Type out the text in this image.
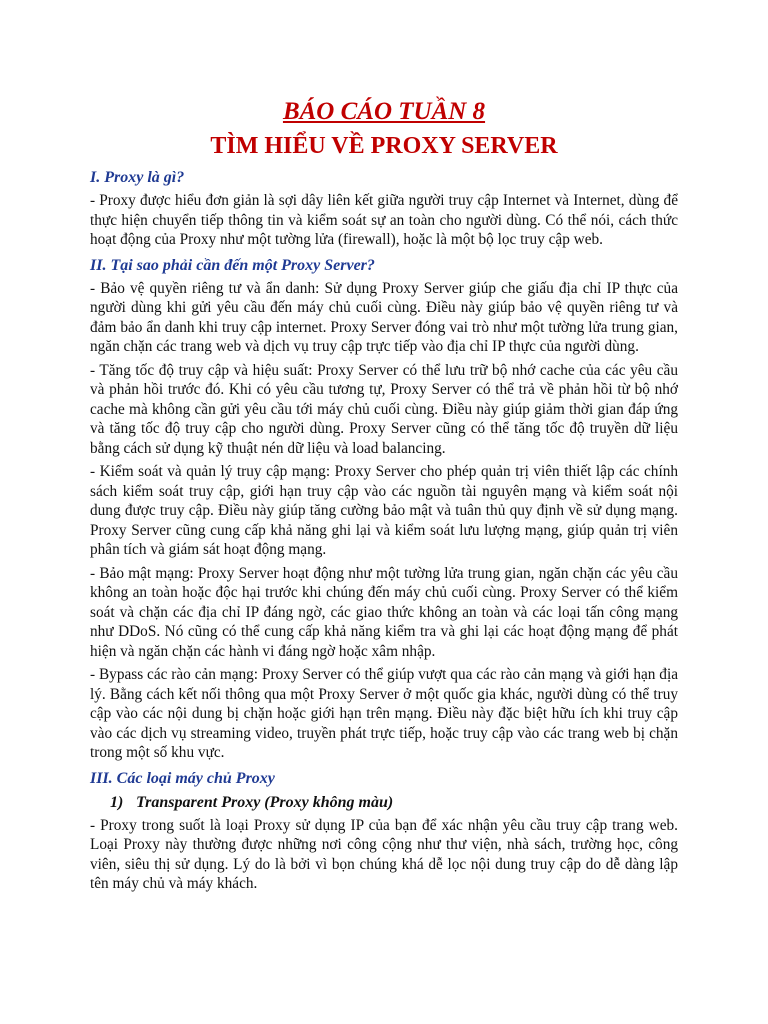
BÁO CÁO TUẦN 8
TÌM HIỂU VỀ PROXY SERVER
I. Proxy là gì?

- Proxy được hiểu đơn giản là sợi dây liên kết giữa người truy cập Internet và Internet, dùng để thực hiện chuyển tiếp thông tin và kiểm soát sự an toàn cho người dùng. Có thể nói, cách thức hoạt động của Proxy như một tường lửa (firewall), hoặc là một bộ lọc truy cập web.

II. Tại sao phải cần đến một Proxy Server?

- Bảo vệ quyền riêng tư và ẩn danh: Sử dụng Proxy Server giúp che giấu địa chỉ IP thực của người dùng khi gửi yêu cầu đến máy chủ cuối cùng. Điều này giúp bảo vệ quyền riêng tư và đảm bảo ẩn danh khi truy cập internet. Proxy Server đóng vai trò như một tường lửa trung gian, ngăn chặn các trang web và dịch vụ truy cập trực tiếp vào địa chỉ IP thực của người dùng.

- Tăng tốc độ truy cập và hiệu suất: Proxy Server có thể lưu trữ bộ nhớ cache của các yêu cầu và phản hồi trước đó. Khi có yêu cầu tương tự, Proxy Server có thể trả về phản hồi từ bộ nhớ cache mà không cần gửi yêu cầu tới máy chủ cuối cùng. Điều này giúp giảm thời gian đáp ứng và tăng tốc độ truy cập cho người dùng. Proxy Server cũng có thể tăng tốc độ truyền dữ liệu bằng cách sử dụng kỹ thuật nén dữ liệu và load balancing.

- Kiểm soát và quản lý truy cập mạng: Proxy Server cho phép quản trị viên thiết lập các chính sách kiểm soát truy cập, giới hạn truy cập vào các nguồn tài nguyên mạng và kiểm soát nội dung được truy cập. Điều này giúp tăng cường bảo mật và tuân thủ quy định về sử dụng mạng. Proxy Server cũng cung cấp khả năng ghi lại và kiểm soát lưu lượng mạng, giúp quản trị viên phân tích và giám sát hoạt động mạng.

- Bảo mật mạng: Proxy Server hoạt động như một tường lửa trung gian, ngăn chặn các yêu cầu không an toàn hoặc độc hại trước khi chúng đến máy chủ cuối cùng. Proxy Server có thể kiểm soát và chặn các địa chỉ IP đáng ngờ, các giao thức không an toàn và các loại tấn công mạng như DDoS. Nó cũng có thể cung cấp khả năng kiểm tra và ghi lại các hoạt động mạng để phát hiện và ngăn chặn các hành vi đáng ngờ hoặc xâm nhập.

- Bypass các rào cản mạng: Proxy Server có thể giúp vượt qua các rào cản mạng và giới hạn địa lý. Bằng cách kết nối thông qua một Proxy Server ở một quốc gia khác, người dùng có thể truy cập vào các nội dung bị chặn hoặc giới hạn trên mạng. Điều này đặc biệt hữu ích khi truy cập vào các dịch vụ streaming video, truyền phát trực tiếp, hoặc truy cập vào các trang web bị chặn trong một số khu vực.

III. Các loại máy chủ Proxy
1) Transparent Proxy (Proxy không màu)

- Proxy trong suốt là loại Proxy sử dụng IP của bạn để xác nhận yêu cầu truy cập trang web. Loại Proxy này thường được những nơi công cộng như thư viện, nhà sách, trường học, công viên, siêu thị sử dụng. Lý do là bởi vì bọn chúng khá dễ lọc nội dung truy cập do dễ dàng lập tên máy chủ và máy khách.
